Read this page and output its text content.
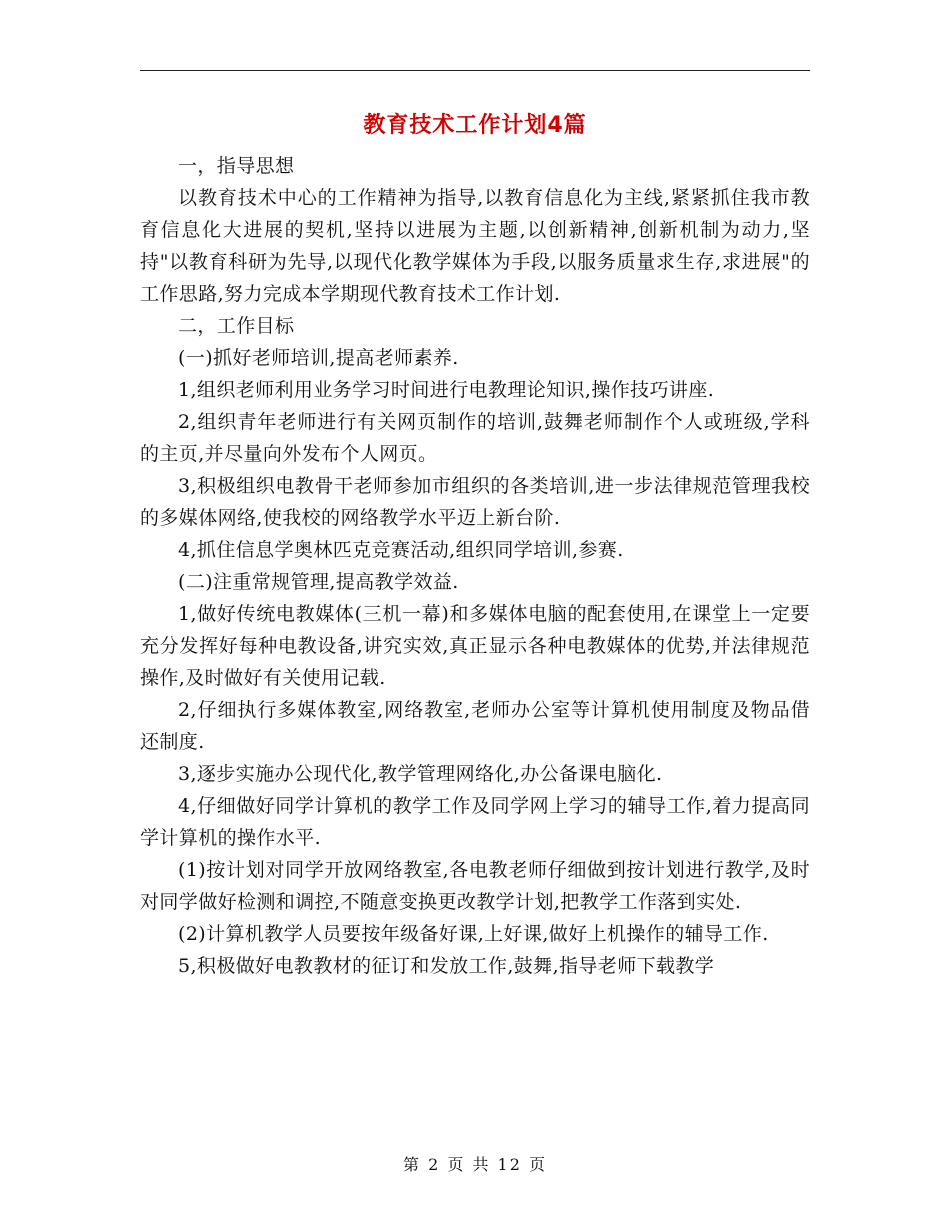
教育技术工作计划4篇

一，指导思想

以教育技术中心的工作精神为指导,以教育信息化为主线,紧紧抓住我市教育信息化大进展的契机,坚持以进展为主题,以创新精神,创新机制为动力,坚持"以教育科研为先导,以现代化教学媒体为手段,以服务质量求生存,求进展"的工作思路,努力完成本学期现代教育技术工作计划.

二，工作目标

(一)抓好老师培训,提高老师素养.

1,组织老师利用业务学习时间进行电教理论知识,操作技巧讲座.

2,组织青年老师进行有关网页制作的培训,鼓舞老师制作个人或班级,学科的主页,并尽量向外发布个人网页。

3,积极组织电教骨干老师参加市组织的各类培训,进一步法律规范管理我校的多媒体网络,使我校的网络教学水平迈上新台阶.

4,抓住信息学奥林匹克竞赛活动,组织同学培训,参赛.

(二)注重常规管理,提高教学效益.

1,做好传统电教媒体(三机一幕)和多媒体电脑的配套使用,在课堂上一定要充分发挥好每种电教设备,讲究实效,真正显示各种电教媒体的优势,并法律规范操作,及时做好有关使用记载.

2,仔细执行多媒体教室,网络教室,老师办公室等计算机使用制度及物品借还制度.

3,逐步实施办公现代化,教学管理网络化,办公备课电脑化.

4,仔细做好同学计算机的教学工作及同学网上学习的辅导工作,着力提高同学计算机的操作水平.

(1)按计划对同学开放网络教室,各电教老师仔细做到按计划进行教学,及时对同学做好检测和调控,不随意变换更改教学计划,把教学工作落到实处.

(2)计算机教学人员要按年级备好课,上好课,做好上机操作的辅导工作.

5,积极做好电教教材的征订和发放工作,鼓舞,指导老师下载教学

第 2 页 共 12 页
